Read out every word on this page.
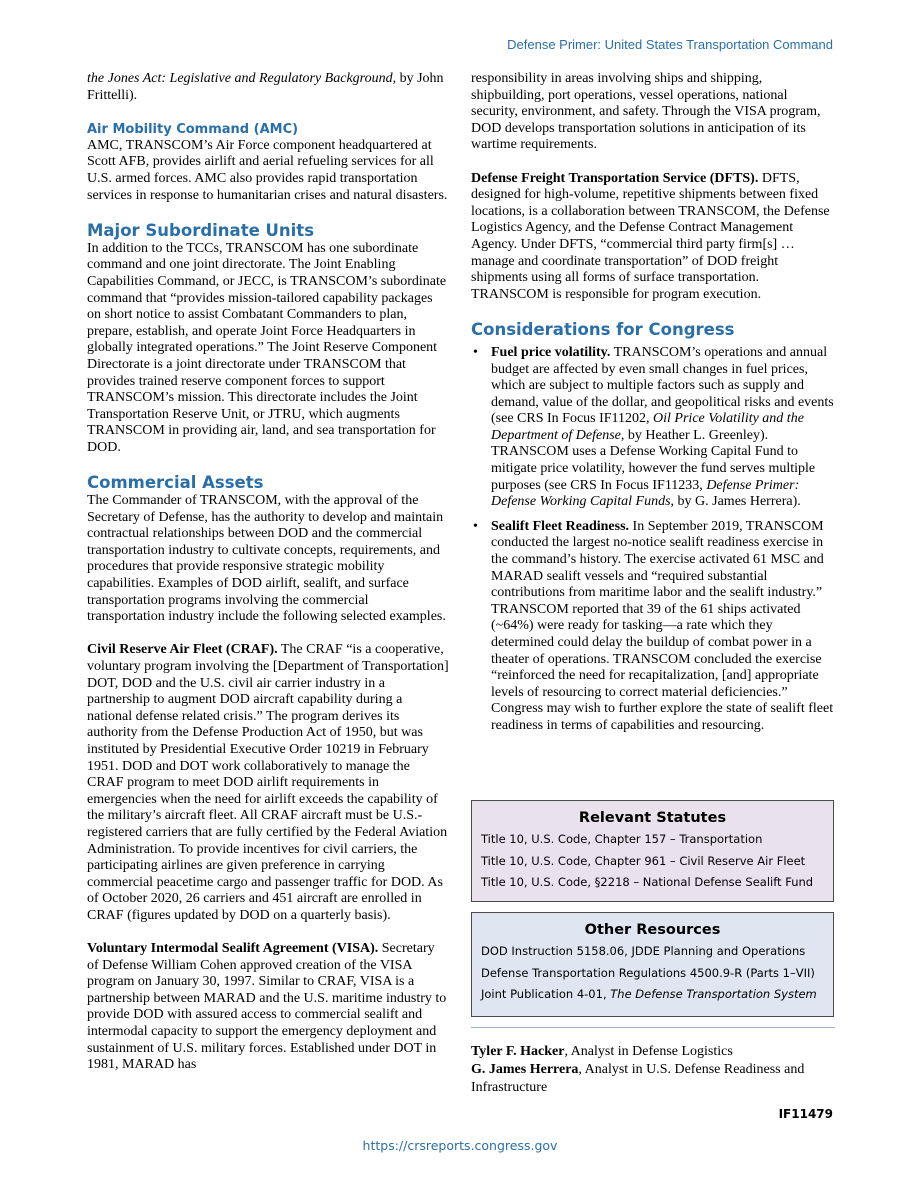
Defense Primer: United States Transportation Command

the Jones Act: Legislative and Regulatory Background, by John Frittelli).

Air Mobility Command (AMC)

AMC, TRANSCOM’s Air Force component headquartered at Scott AFB, provides airlift and aerial refueling services for all U.S. armed forces. AMC also provides rapid transportation services in response to humanitarian crises and natural disasters.

Major Subordinate Units

In addition to the TCCs, TRANSCOM has one subordinate command and one joint directorate. The Joint Enabling Capabilities Command, or JECC, is TRANSCOM’s subordinate command that “provides mission-tailored capability packages on short notice to assist Combatant Commanders to plan, prepare, establish, and operate Joint Force Headquarters in globally integrated operations.” The Joint Reserve Component Directorate is a joint directorate under TRANSCOM that provides trained reserve component forces to support TRANSCOM’s mission. This directorate includes the Joint Transportation Reserve Unit, or JTRU, which augments TRANSCOM in providing air, land, and sea transportation for DOD.

Commercial Assets

The Commander of TRANSCOM, with the approval of the Secretary of Defense, has the authority to develop and maintain contractual relationships between DOD and the commercial transportation industry to cultivate concepts, requirements, and procedures that provide responsive strategic mobility capabilities. Examples of DOD airlift, sealift, and surface transportation programs involving the commercial transportation industry include the following selected examples.

Civil Reserve Air Fleet (CRAF). The CRAF “is a cooperative, voluntary program involving the [Department of Transportation] DOT, DOD and the U.S. civil air carrier industry in a partnership to augment DOD aircraft capability during a national defense related crisis.” The program derives its authority from the Defense Production Act of 1950, but was instituted by Presidential Executive Order 10219 in February 1951. DOD and DOT work collaboratively to manage the CRAF program to meet DOD airlift requirements in emergencies when the need for airlift exceeds the capability of the military’s aircraft fleet. All CRAF aircraft must be U.S.-registered carriers that are fully certified by the Federal Aviation Administration. To provide incentives for civil carriers, the participating airlines are given preference in carrying commercial peacetime cargo and passenger traffic for DOD. As of October 2020, 26 carriers and 451 aircraft are enrolled in CRAF (figures updated by DOD on a quarterly basis).

Voluntary Intermodal Sealift Agreement (VISA). Secretary of Defense William Cohen approved creation of the VISA program on January 30, 1997. Similar to CRAF, VISA is a partnership between MARAD and the U.S. maritime industry to provide DOD with assured access to commercial sealift and intermodal capacity to support the emergency deployment and sustainment of U.S. military forces. Established under DOT in 1981, MARAD has

responsibility in areas involving ships and shipping, shipbuilding, port operations, vessel operations, national security, environment, and safety. Through the VISA program, DOD develops transportation solutions in anticipation of its wartime requirements.

Defense Freight Transportation Service (DFTS). DFTS, designed for high-volume, repetitive shipments between fixed locations, is a collaboration between TRANSCOM, the Defense Logistics Agency, and the Defense Contract Management Agency. Under DFTS, “commercial third party firm[s] … manage and coordinate transportation” of DOD freight shipments using all forms of surface transportation. TRANSCOM is responsible for program execution.

Considerations for Congress
• Fuel price volatility. TRANSCOM’s operations and annual budget are affected by even small changes in fuel prices, which are subject to multiple factors such as supply and demand, value of the dollar, and geopolitical risks and events (see CRS In Focus IF11202, Oil Price Volatility and the Department of Defense, by Heather L. Greenley). TRANSCOM uses a Defense Working Capital Fund to mitigate price volatility, however the fund serves multiple purposes (see CRS In Focus IF11233, Defense Primer: Defense Working Capital Funds, by G. James Herrera).
• Sealift Fleet Readiness. In September 2019, TRANSCOM conducted the largest no-notice sealift readiness exercise in the command’s history. The exercise activated 61 MSC and MARAD sealift vessels and “required substantial contributions from maritime labor and the sealift industry.” TRANSCOM reported that 39 of the 61 ships activated (~64%) were ready for tasking—a rate which they determined could delay the buildup of combat power in a theater of operations. TRANSCOM concluded the exercise “reinforced the need for recapitalization, [and] appropriate levels of resourcing to correct material deficiencies.” Congress may wish to further explore the state of sealift fleet readiness in terms of capabilities and resourcing.
Relevant Statutes
Title 10, U.S. Code, Chapter 157 – Transportation
Title 10, U.S. Code, Chapter 961 – Civil Reserve Air Fleet
Title 10, U.S. Code, §2218 – National Defense Sealift Fund
Other Resources
DOD Instruction 5158.06, JDDE Planning and Operations
Defense Transportation Regulations 4500.9-R (Parts 1–VII)
Joint Publication 4-01, The Defense Transportation System
Tyler F. Hacker, Analyst in Defense Logistics
G. James Herrera, Analyst in U.S. Defense Readiness and Infrastructure
IF11479
https://crsreports.congress.gov
